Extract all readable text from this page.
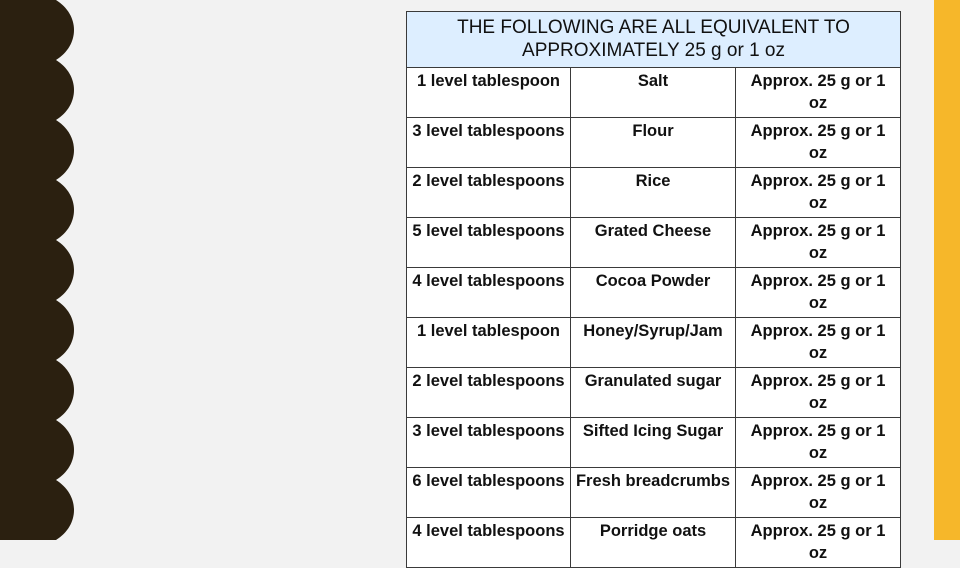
THE FOLLOWING ARE ALL EQUIVALENT TO APPROXIMATELY 25 g or 1 oz		
1 level tablespoon	Salt	Approx. 25 g or 1 oz
3 level tablespoons	Flour	Approx. 25 g or 1 oz
2 level tablespoons	Rice	Approx. 25 g or 1 oz
5 level tablespoons	Grated Cheese	Approx. 25 g or 1 oz
4 level tablespoons	Cocoa Powder	Approx. 25 g or 1 oz
1 level tablespoon	Honey/Syrup/Jam	Approx. 25 g or 1 oz
2 level tablespoons	Granulated sugar	Approx. 25 g or 1 oz
3 level tablespoons	Sifted Icing Sugar	Approx. 25 g or 1 oz
6 level tablespoons	Fresh breadcrumbs	Approx. 25 g or 1 oz
4 level tablespoons	Porridge oats	Approx. 25 g or 1 oz
